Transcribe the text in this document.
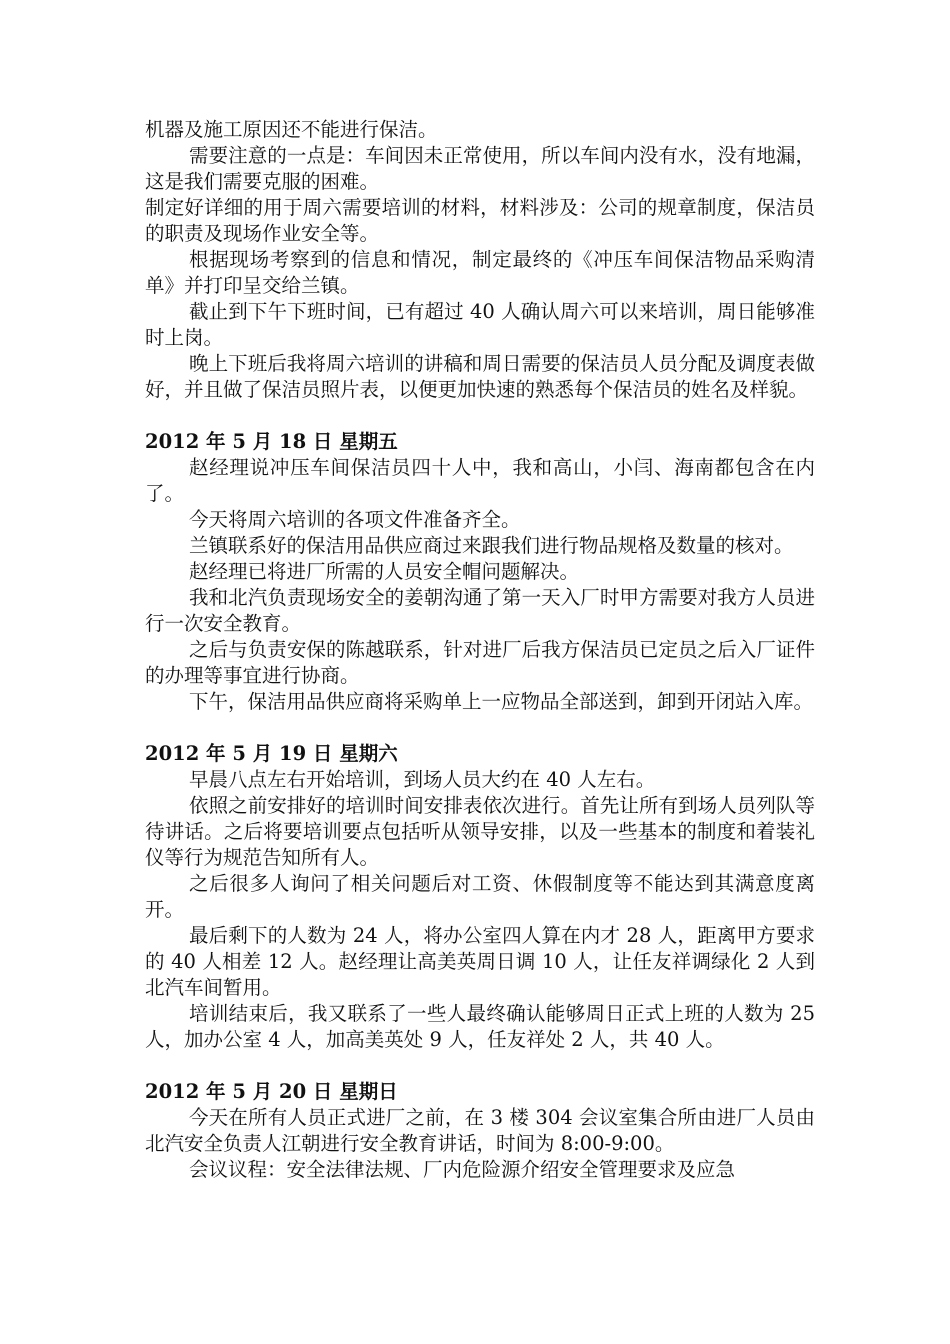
机器及施工原因还不能进行保洁。

需要注意的一点是：车间因未正常使用，所以车间内没有水，没有地漏，这是我们需要克服的困难。

制定好详细的用于周六需要培训的材料，材料涉及：公司的规章制度，保洁员的职责及现场作业安全等。

根据现场考察到的信息和情况，制定最终的《冲压车间保洁物品采购清单》并打印呈交给兰镇。

截止到下午下班时间，已有超过 40 人确认周六可以来培训，周日能够准时上岗。

晚上下班后我将周六培训的讲稿和周日需要的保洁员人员分配及调度表做好，并且做了保洁员照片表，以便更加快速的熟悉每个保洁员的姓名及样貌。

2012 年 5 月 18 日 星期五

赵经理说冲压车间保洁员四十人中，我和高山，小闫、海南都包含在内了。

今天将周六培训的各项文件准备齐全。

兰镇联系好的保洁用品供应商过来跟我们进行物品规格及数量的核对。

赵经理已将进厂所需的人员安全帽问题解决。

我和北汽负责现场安全的姜朝沟通了第一天入厂时甲方需要对我方人员进行一次安全教育。

之后与负责安保的陈越联系，针对进厂后我方保洁员已定员之后入厂证件的办理等事宜进行协商。

下午，保洁用品供应商将采购单上一应物品全部送到，卸到开闭站入库。

2012 年 5 月 19 日 星期六

早晨八点左右开始培训，到场人员大约在 40 人左右。

依照之前安排好的培训时间安排表依次进行。首先让所有到场人员列队等待讲话。之后将要培训要点包括听从领导安排，以及一些基本的制度和着装礼仪等行为规范告知所有人。

之后很多人询问了相关问题后对工资、休假制度等不能达到其满意度离开。

最后剩下的人数为 24 人，将办公室四人算在内才 28 人，距离甲方要求的 40 人相差 12 人。赵经理让高美英周日调 10 人，让任友祥调绿化 2 人到北汽车间暂用。

培训结束后，我又联系了一些人最终确认能够周日正式上班的人数为 25 人，加办公室 4 人，加高美英处 9 人，任友祥处 2 人，共 40 人。

2012 年 5 月 20 日 星期日

今天在所有人员正式进厂之前，在 3 楼 304 会议室集合所由进厂人员由北汽安全负责人江朝进行安全教育讲话，时间为 8:00-9:00。

会议议程：安全法律法规、厂内危险源介绍安全管理要求及应急
